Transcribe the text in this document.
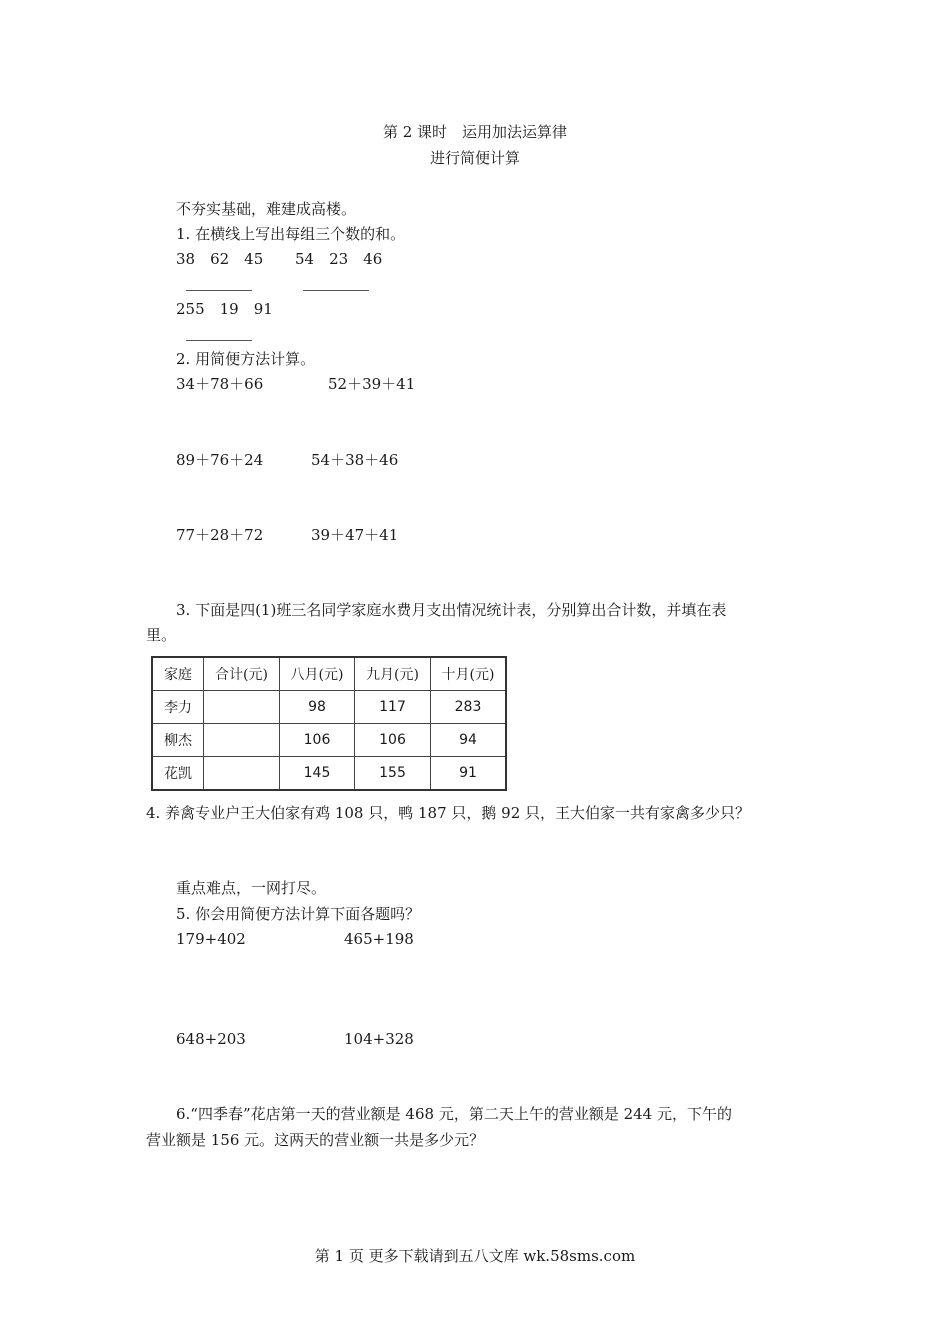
第 2 课时　运用加法运算律
进行简便计算
不夯实基础，难建成高楼。
1. 在横线上写出每组三个数的和。
38　62　45 54　23　46
255　19　91
2. 用简便方法计算。
34＋78＋66	52＋39＋41
89＋76＋24	54＋38＋46
77＋28＋72	39＋47＋41
3. 下面是四(1)班三名同学家庭水费月支出情况统计表，分别算出合计数，并填在表
里。
家庭	合计(元)	八月(元)	九月(元)	十月(元)
李力		98	117	283
柳杰		106	106	94
花凯		145	155	91
4. 养禽专业户王大伯家有鸡 108 只，鸭 187 只，鹅 92 只，王大伯家一共有家禽多少只？
重点难点，一网打尽。
5. 你会用简便方法计算下面各题吗？
179+402	465+198
648+203	104+328
6.“四季春”花店第一天的营业额是 468 元，第二天上午的营业额是 244 元，下午的
营业额是 156 元。这两天的营业额一共是多少元？
第 1 页 更多下载请到五八文库 wk.58sms.com
